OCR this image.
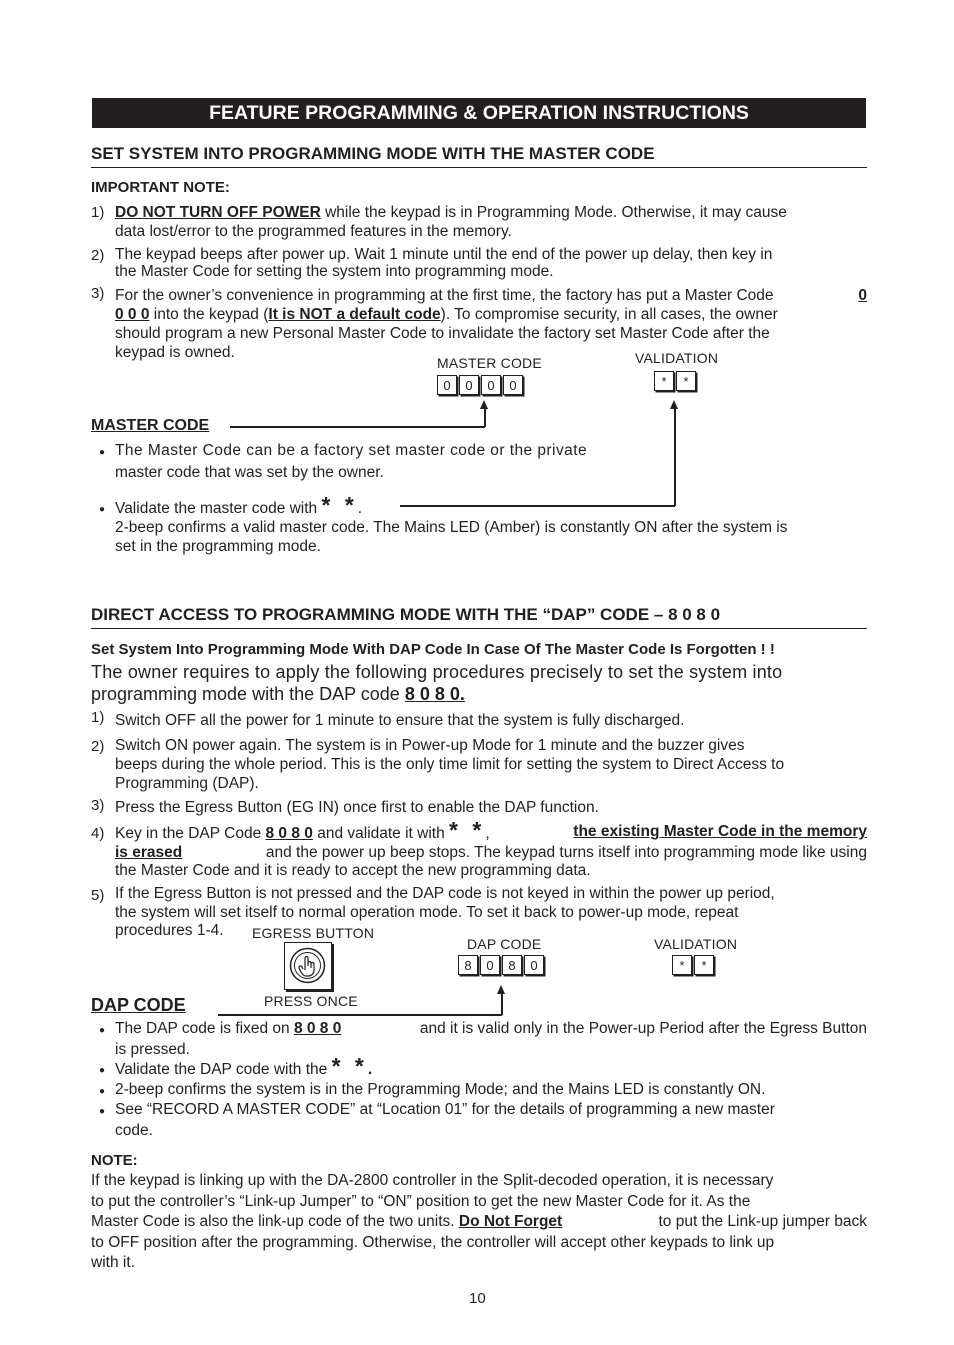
FEATURE PROGRAMMING & OPERATION INSTRUCTIONS
SET SYSTEM INTO PROGRAMMING MODE WITH THE MASTER CODE
IMPORTANT NOTE:
1) DO NOT TURN OFF POWER while the keypad is in Programming Mode. Otherwise, it may cause
data lost/error to the programmed features in the memory.
2) The keypad beeps after power up. Wait 1 minute until the end of the power up delay, then key in
the Master Code for setting the system into programming mode.
3) For the owner’s convenience in programming at the first time, the factory has put a Master Code	0
0 0 0 into the keypad (It is NOT a default code). To compromise security, in all cases, the owner
should program a new Personal Master Code to invalidate the factory set Master Code after the
keypad is owned.
MASTER CODE
0	0	0	0
VALIDATION
*	*
MASTER CODE
● The Master Code can be a factory set master code or the private
master code that was set by the owner.
● Validate the master code with * *.
2-beep confirms a valid master code. The Mains LED (Amber) is constantly ON after the system is
set in the programming mode.
DIRECT ACCESS TO PROGRAMMING MODE WITH THE “DAP” CODE – 8 0 8 0
Set System Into Programming Mode With DAP Code In Case Of The Master Code Is Forgotten ! !
The owner requires to apply the following procedures precisely to set the system into
programming mode with the DAP code 8 0 8 0.
1) Switch OFF all the power for 1 minute to ensure that the system is fully discharged.
2) Switch ON power again. The system is in Power-up Mode for 1 minute and the buzzer gives
beeps during the whole period. This is the only time limit for setting the system to Direct Access to
Programming (DAP).
3) Press the Egress Button (EG IN) once first to enable the DAP function.
4) Key in the DAP Code 8 0 8 0 and validate it with * *,	the existing Master Code in the memory
is erased	and the power up beep stops. The keypad turns itself into programming mode like using
the Master Code and it is ready to accept the new programming data.
5) If the Egress Button is not pressed and the DAP code is not keyed in within the power up period,
the system will set itself to normal operation mode. To set it back to power-up mode, repeat
procedures 1-4.	EGRESS BUTTON
PRESS ONCE
DAP CODE
8	0	8	0
VALIDATION
*	*
DAP CODE
● The DAP code is fixed on 8 0 8 0	and it is valid only in the Power-up Period after the Egress Button
is pressed.
● Validate the DAP code with the * *.
● 2-beep confirms the system is in the Programming Mode; and the Mains LED is constantly ON.
● See “RECORD A MASTER CODE” at “Location 01” for the details of programming a new master
code.
NOTE:
If the keypad is linking up with the DA-2800 controller in the Split-decoded operation, it is necessary
to put the controller’s “Link-up Jumper” to “ON” position to get the new Master Code for it. As the
Master Code is also the link-up code of the two units. Do Not Forget	to put the Link-up jumper back
to OFF position after the programming. Otherwise, the controller will accept other keypads to link up
with it.
10
